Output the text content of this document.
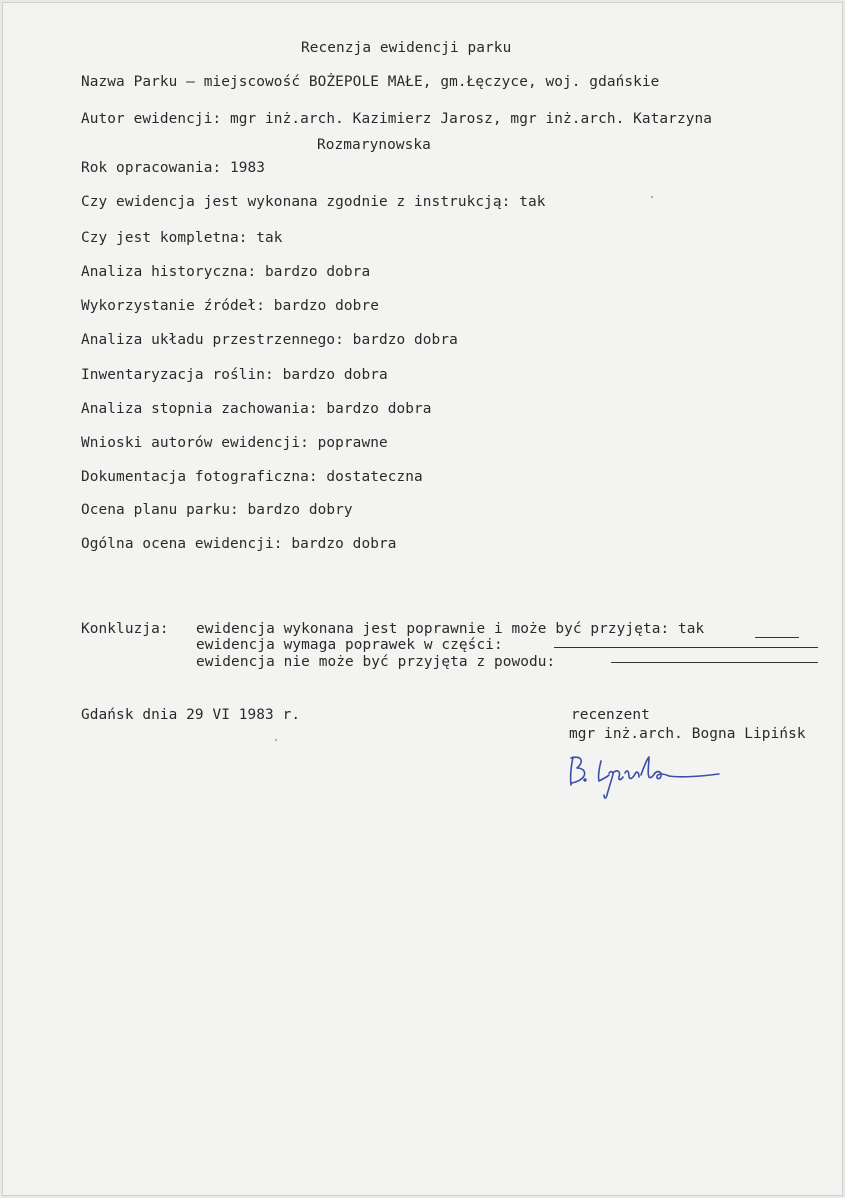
Recenzja ewidencji parku
Nazwa Parku – miejscowość BOŻEPOLE MAŁE, gm.Łęczyce, woj. gdańskie
Autor ewidencji: mgr inż.arch. Kazimierz Jarosz, mgr inż.arch. Katarzyna
Rozmarynowska
Rok opracowania: 1983
Czy ewidencja jest wykonana zgodnie z instrukcją: tak
Czy jest kompletna: tak
Analiza historyczna: bardzo dobra
Wykorzystanie źródeł: bardzo dobre
Analiza układu przestrzennego: bardzo dobra
Inwentaryzacja roślin: bardzo dobra
Analiza stopnia zachowania: bardzo dobra
Wnioski autorów ewidencji: poprawne
Dokumentacja fotograficzna: dostateczna
Ocena planu parku: bardzo dobry
Ogólna ocena ewidencji: bardzo dobra
Konkluzja: ewidencja wykonana jest poprawnie i może być przyjęta: tak
ewidencja wymaga poprawek w części:
ewidencja nie może być przyjęta z powodu:
Gdańsk dnia 29 VI 1983 r.	recenzent
mgr inż.arch. Bogna Lipińsk
